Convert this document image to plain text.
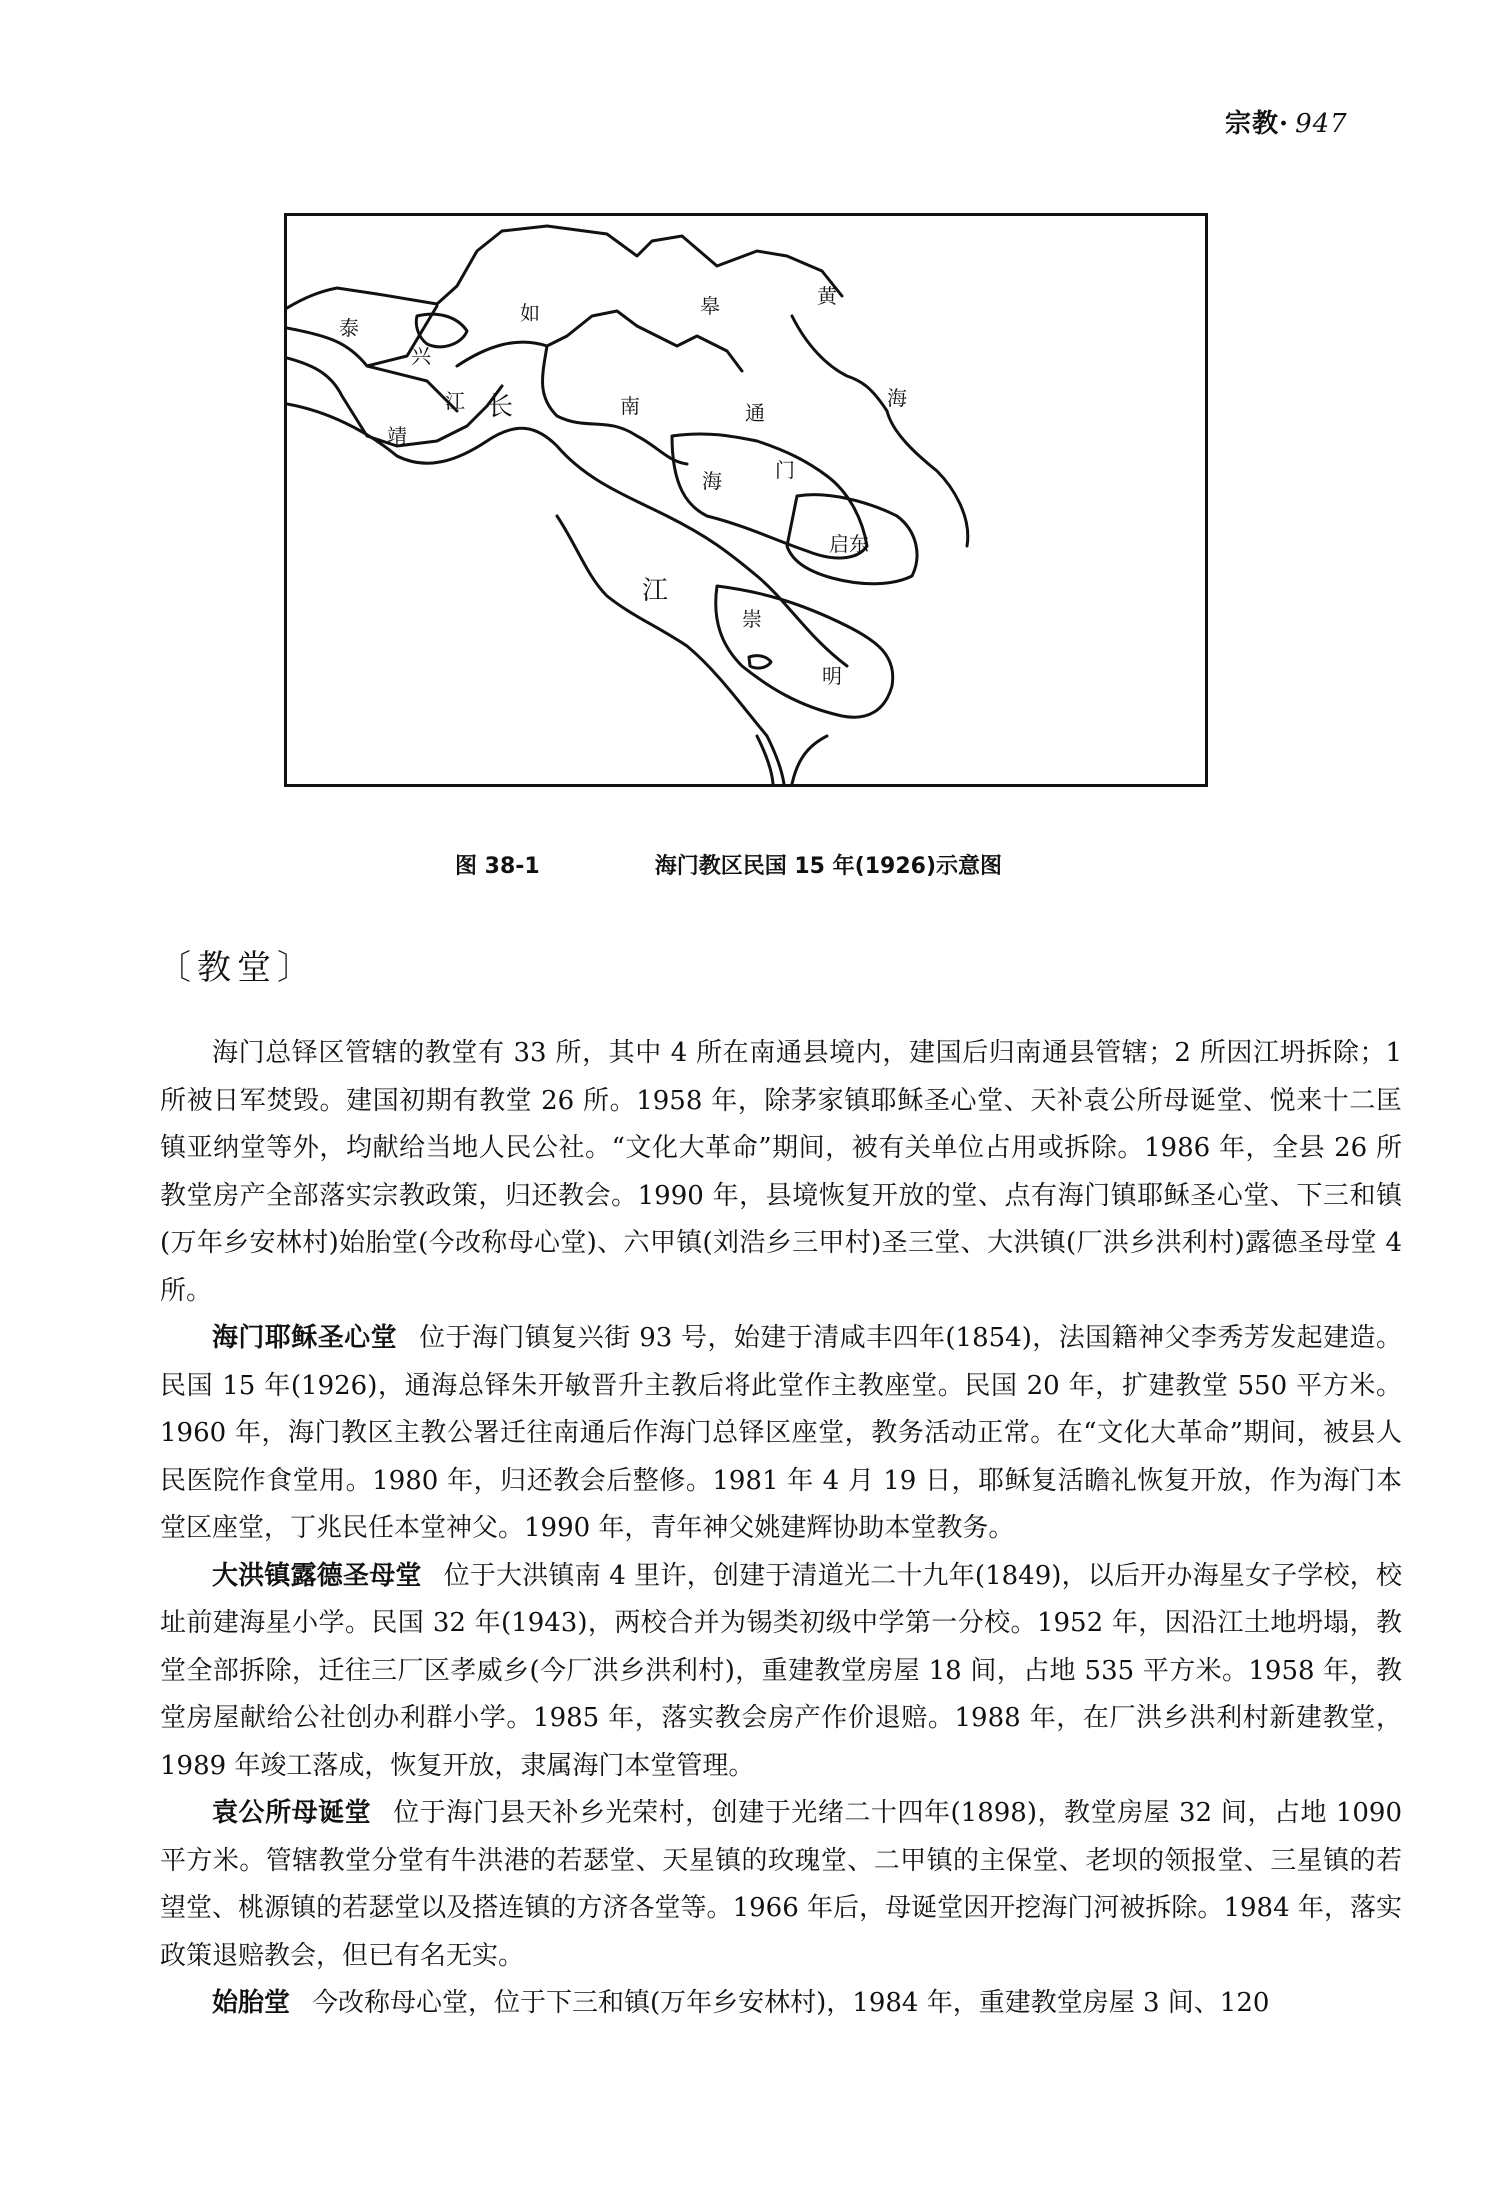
宗教· 947
泰
兴
如	皋	黄
海
江
靖
长
江
南	通
海	门
启东
崇
明
图 38-1	海门教区民国 15 年(1926)示意图
〔教堂〕

海门总铎区管辖的教堂有 33 所，其中 4 所在南通县境内，建国后归南通县管辖；2 所因江坍拆除；1 所被日军焚毁。建国初期有教堂 26 所。1958 年，除茅家镇耶稣圣心堂、天补袁公所母诞堂、悦来十二匡镇亚纳堂等外，均献给当地人民公社。“文化大革命”期间，被有关单位占用或拆除。1986 年，全县 26 所教堂房产全部落实宗教政策，归还教会。1990 年，县境恢复开放的堂、点有海门镇耶稣圣心堂、下三和镇(万年乡安林村)始胎堂(今改称母心堂)、六甲镇(刘浩乡三甲村)圣三堂、大洪镇(厂洪乡洪利村)露德圣母堂 4 所。

海门耶稣圣心堂 位于海门镇复兴街 93 号，始建于清咸丰四年(1854)，法国籍神父李秀芳发起建造。民国 15 年(1926)，通海总铎朱开敏晋升主教后将此堂作主教座堂。民国 20 年，扩建教堂 550 平方米。1960 年，海门教区主教公署迁往南通后作海门总铎区座堂，教务活动正常。在“文化大革命”期间，被县人民医院作食堂用。1980 年，归还教会后整修。1981 年 4 月 19 日，耶稣复活瞻礼恢复开放，作为海门本堂区座堂，丁兆民任本堂神父。1990 年，青年神父姚建辉协助本堂教务。

大洪镇露德圣母堂 位于大洪镇南 4 里许，创建于清道光二十九年(1849)，以后开办海星女子学校，校址前建海星小学。民国 32 年(1943)，两校合并为锡类初级中学第一分校。1952 年，因沿江土地坍塌，教堂全部拆除，迁往三厂区孝威乡(今厂洪乡洪利村)，重建教堂房屋 18 间，占地 535 平方米。1958 年，教堂房屋献给公社创办利群小学。1985 年，落实教会房产作价退赔。1988 年，在厂洪乡洪利村新建教堂，1989 年竣工落成，恢复开放，隶属海门本堂管理。

袁公所母诞堂 位于海门县天补乡光荣村，创建于光绪二十四年(1898)，教堂房屋 32 间，占地 1090 平方米。管辖教堂分堂有牛洪港的若瑟堂、天星镇的玫瑰堂、二甲镇的主保堂、老坝的领报堂、三星镇的若望堂、桃源镇的若瑟堂以及搭连镇的方济各堂等。1966 年后，母诞堂因开挖海门河被拆除。1984 年，落实政策退赔教会，但已有名无实。

始胎堂 今改称母心堂，位于下三和镇(万年乡安林村)，1984 年，重建教堂房屋 3 间、120
